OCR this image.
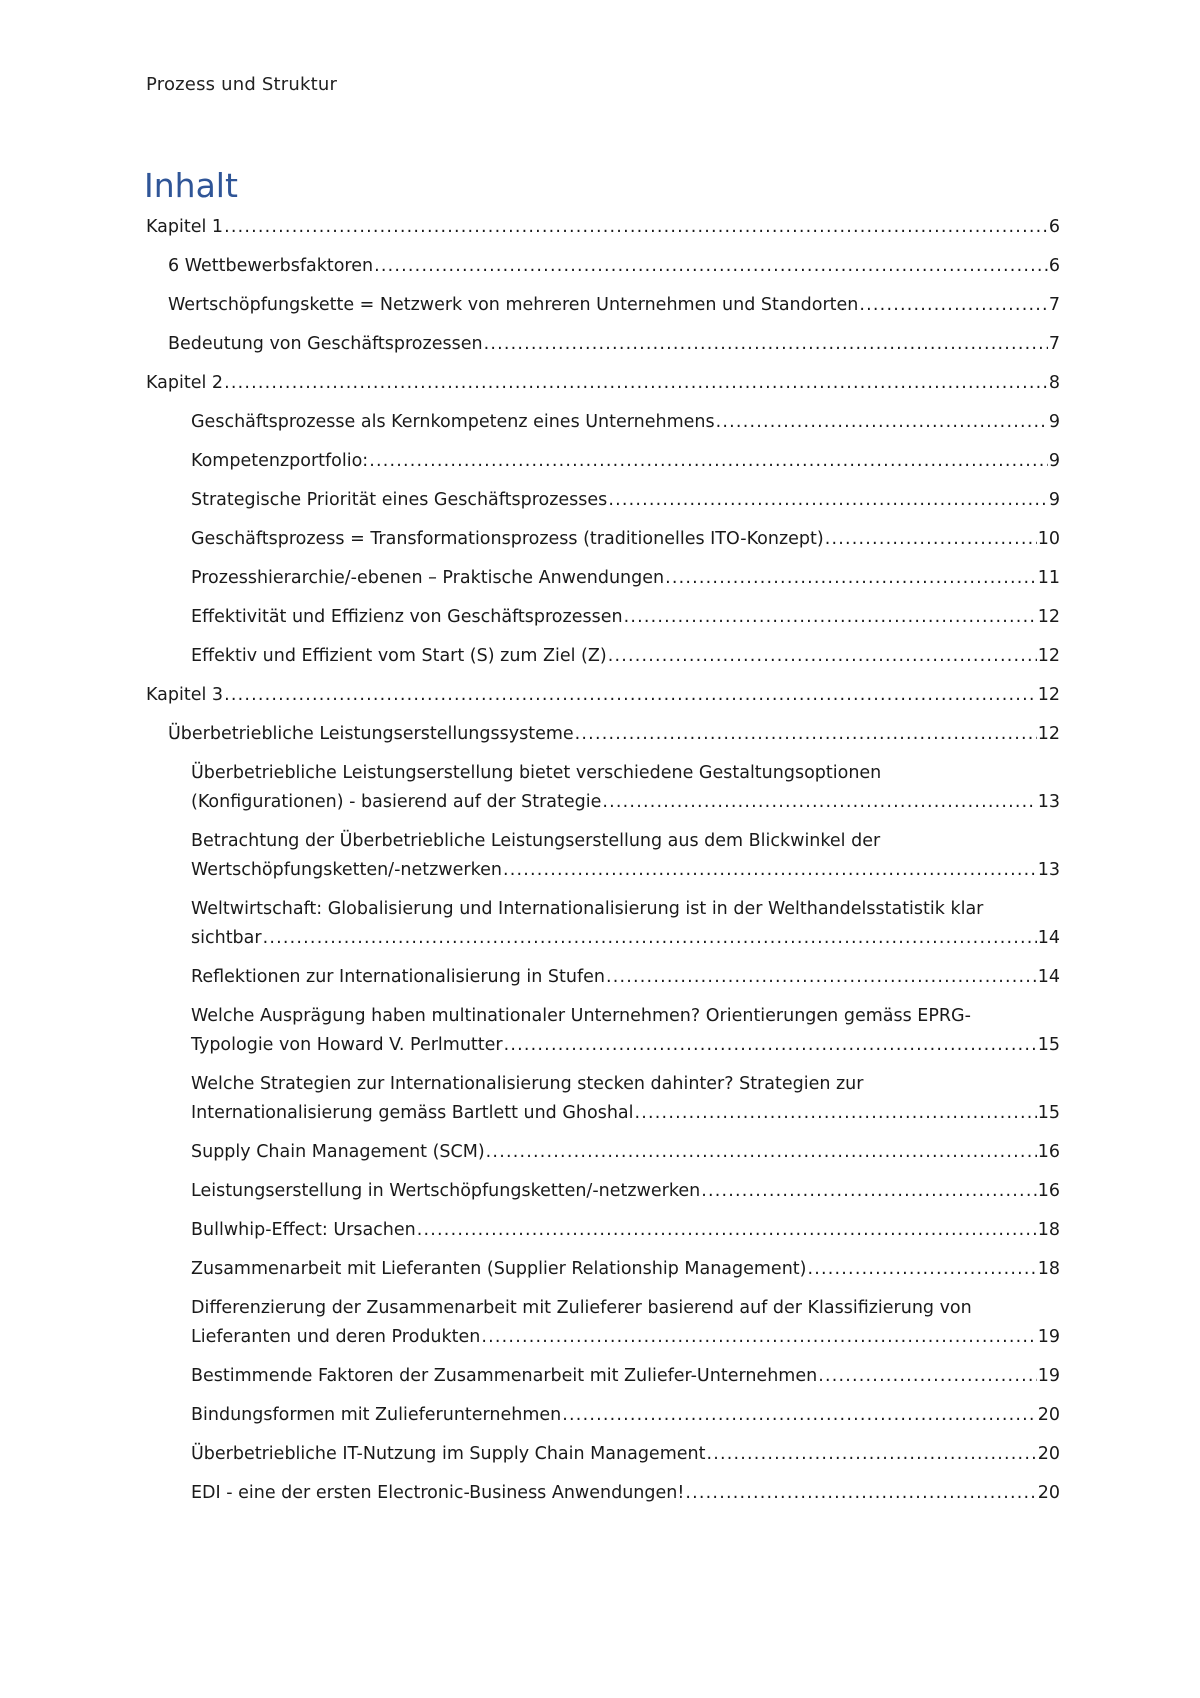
Prozess und Struktur
Inhalt
Kapitel 1 .....	6
6 Wettbewerbsfaktoren .....	6
Wertschöpfungskette = Netzwerk von mehreren Unternehmen und Standorten .....	7
Bedeutung von Geschäftsprozessen .....	7
Kapitel 2 .....	8
Geschäftsprozesse als Kernkompetenz eines Unternehmens .....	9
Kompetenzportfolio: .....	9
Strategische Priorität eines Geschäftsprozesses .....	9
Geschäftsprozess = Transformationsprozess (traditionelles ITO-Konzept) .....	10
Prozesshierarchie/-ebenen – Praktische Anwendungen .....	11
Effektivität und Effizienz von Geschäftsprozessen .....	12
Effektiv und Effizient vom Start (S) zum Ziel (Z) .....	12
Kapitel 3 .....	12
Überbetriebliche Leistungserstellungssysteme .....	12
Überbetriebliche Leistungserstellung bietet verschiedene Gestaltungsoptionen
(Konfigurationen) - basierend auf der Strategie .....	13
Betrachtung der Überbetriebliche Leistungserstellung aus dem Blickwinkel der
Wertschöpfungsketten/-netzwerken .....	13
Weltwirtschaft: Globalisierung und Internationalisierung ist in der Welthandelsstatistik klar
sichtbar .....	14
Reflektionen zur Internationalisierung in Stufen .....	14
Welche Ausprägung haben multinationaler Unternehmen? Orientierungen gemäss EPRG-
Typologie von Howard V. Perlmutter .....	15
Welche Strategien zur Internationalisierung stecken dahinter? Strategien zur
Internationalisierung gemäss Bartlett und Ghoshal .....	15
Supply Chain Management (SCM) .....	16
Leistungserstellung in Wertschöpfungsketten/-netzwerken .....	16
Bullwhip-Effect: Ursachen .....	18
Zusammenarbeit mit Lieferanten (Supplier Relationship Management) .....	18
Differenzierung der Zusammenarbeit mit Zulieferer basierend auf der Klassifizierung von
Lieferanten und deren Produkten .....	19
Bestimmende Faktoren der Zusammenarbeit mit Zuliefer-Unternehmen .....	19
Bindungsformen mit Zulieferunternehmen .....	20
Überbetriebliche IT-Nutzung im Supply Chain Management .....	20
EDI - eine der ersten Electronic-Business Anwendungen! .....	20
